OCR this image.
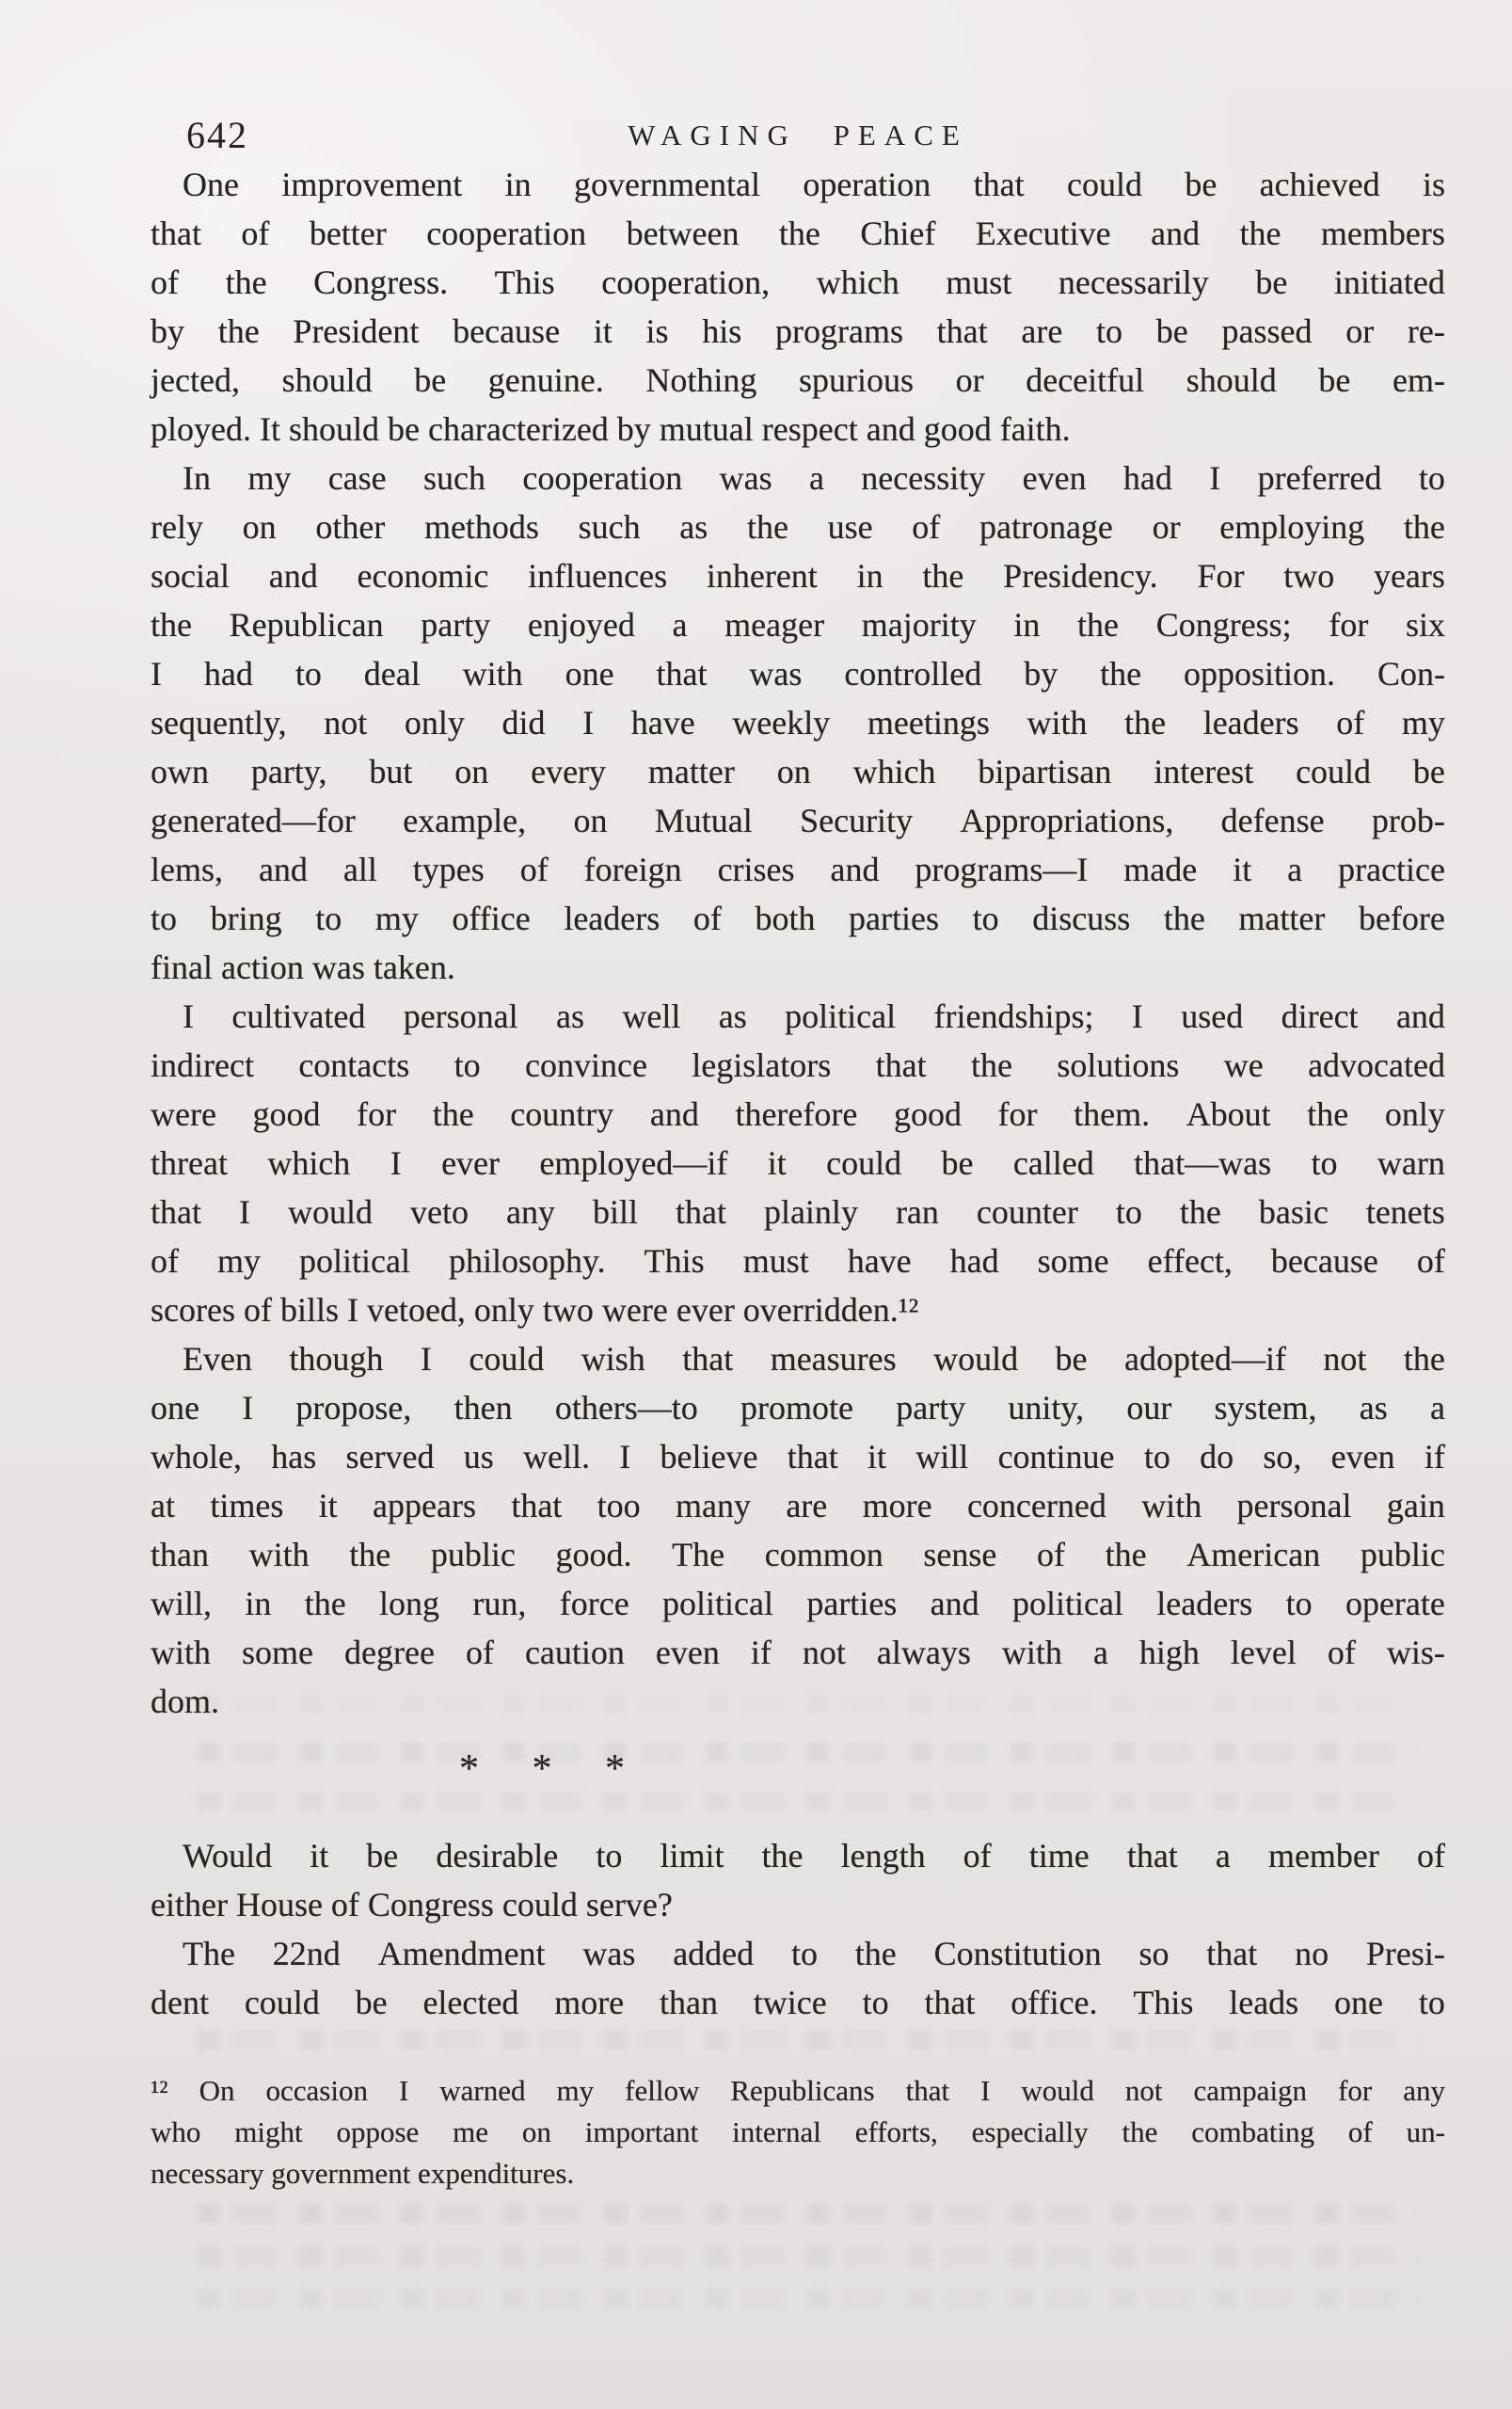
642	WAGING PEACE
One improvement in governmental operation that could be achieved is
that of better cooperation between the Chief Executive and the members
of the Congress. This cooperation, which must necessarily be initiated
by the President because it is his programs that are to be passed or re-
jected, should be genuine. Nothing spurious or deceitful should be em-
ployed. It should be characterized by mutual respect and good faith.
In my case such cooperation was a necessity even had I preferred to
rely on other methods such as the use of patronage or employing the
social and economic influences inherent in the Presidency. For two years
the Republican party enjoyed a meager majority in the Congress; for six
I had to deal with one that was controlled by the opposition. Con-
sequently, not only did I have weekly meetings with the leaders of my
own party, but on every matter on which bipartisan interest could be
generated—for example, on Mutual Security Appropriations, defense prob-
lems, and all types of foreign crises and programs—I made it a practice
to bring to my office leaders of both parties to discuss the matter before
final action was taken.
I cultivated personal as well as political friendships; I used direct and
indirect contacts to convince legislators that the solutions we advocated
were good for the country and therefore good for them. About the only
threat which I ever employed—if it could be called that—was to warn
that I would veto any bill that plainly ran counter to the basic tenets
of my political philosophy. This must have had some effect, because of
scores of bills I vetoed, only two were ever overridden.¹²
Even though I could wish that measures would be adopted—if not the
one I propose, then others—to promote party unity, our system, as a
whole, has served us well. I believe that it will continue to do so, even if
at times it appears that too many are more concerned with personal gain
than with the public good. The common sense of the American public
will, in the long run, force political parties and political leaders to operate
with some degree of caution even if not always with a high level of wis-
dom.
* * *
Would it be desirable to limit the length of time that a member of
either House of Congress could serve?
The 22nd Amendment was added to the Constitution so that no Presi-
dent could be elected more than twice to that office. This leads one to
¹² On occasion I warned my fellow Republicans that I would not campaign for any
who might oppose me on important internal efforts, especially the combating of un-
necessary government expenditures.
